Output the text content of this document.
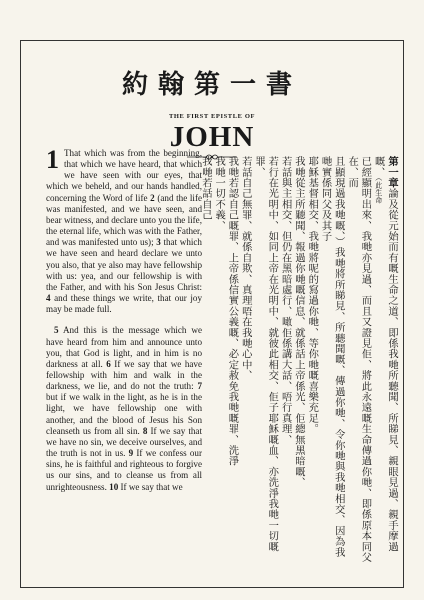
約翰第一書
THE FIRST EPISTLE OF
JOHN

1 That which was from the beginning, that which we have heard, that which we have seen with our eyes, that which we beheld, and our hands handled, concerning the Word of life 2 (and the life was manifested, and we have seen, and bear witness, and declare unto you the life, the eternal life, which was with the Father, and was manifested unto us); 3 that which we have seen and heard declare we unto you also, that ye also may have fellowship with us: yea, and our fellowship is with the Father, and with his Son Jesus Christ: 4 and these things we write, that our joy may be made full.

5 And this is the message which we have heard from him and announce unto you, that God is light, and in him is no darkness at all. 6 If we say that we have fellowship with him and walk in the darkness, we lie, and do not the truth: 7 but if we walk in the light, as he is in the light, we have fellowship one with another, and the blood of Jesus his Son cleanseth us from all sin. 8 If we say that we have no sin, we deceive ourselves, and the truth is not in us. 9 If we confess our sins, he is faithful and righteous to forgive us our sins, and to cleanse us from all unrighteousness. 10 If we say that we

第一章論及從元始而有嘅生命之道、即係我哋所聽聞、所睇見、親眼見過、親手摩過嘅、（此生命
已經顯明出來、我哋亦見過、而且又證見佢、將此永遠嘅生命傳過你哋、即係原本同父在、而
且顯現過我哋嘅、）我哋將所睇見、所聽聞嘅、傳過你哋、令你哋與我哋相交、因為我哋實係同父及其子
耶穌基督相交、我哋將呢的寫過你哋、等你哋嘅喜樂充足。
我哋從主所聽聞、報過你哋嘅信息、就係話上帝係光、佢總無黑暗嘅、
若話與主相交、但仍在黑暗處行、噉佢係講大話、唔行真理、
若行在光明中、如同上帝在光明中、就彼此相交、佢子耶穌嘅血、亦洗淨我哋一切嘅罪、
若話自己無罪、就係自欺、真理唔在我哋心中、
我哋若認自己嘅罪、上帝係信實公義嘅、必定赦免我哋嘅罪、洗淨
我哋一切不義、
我哋若話自己
